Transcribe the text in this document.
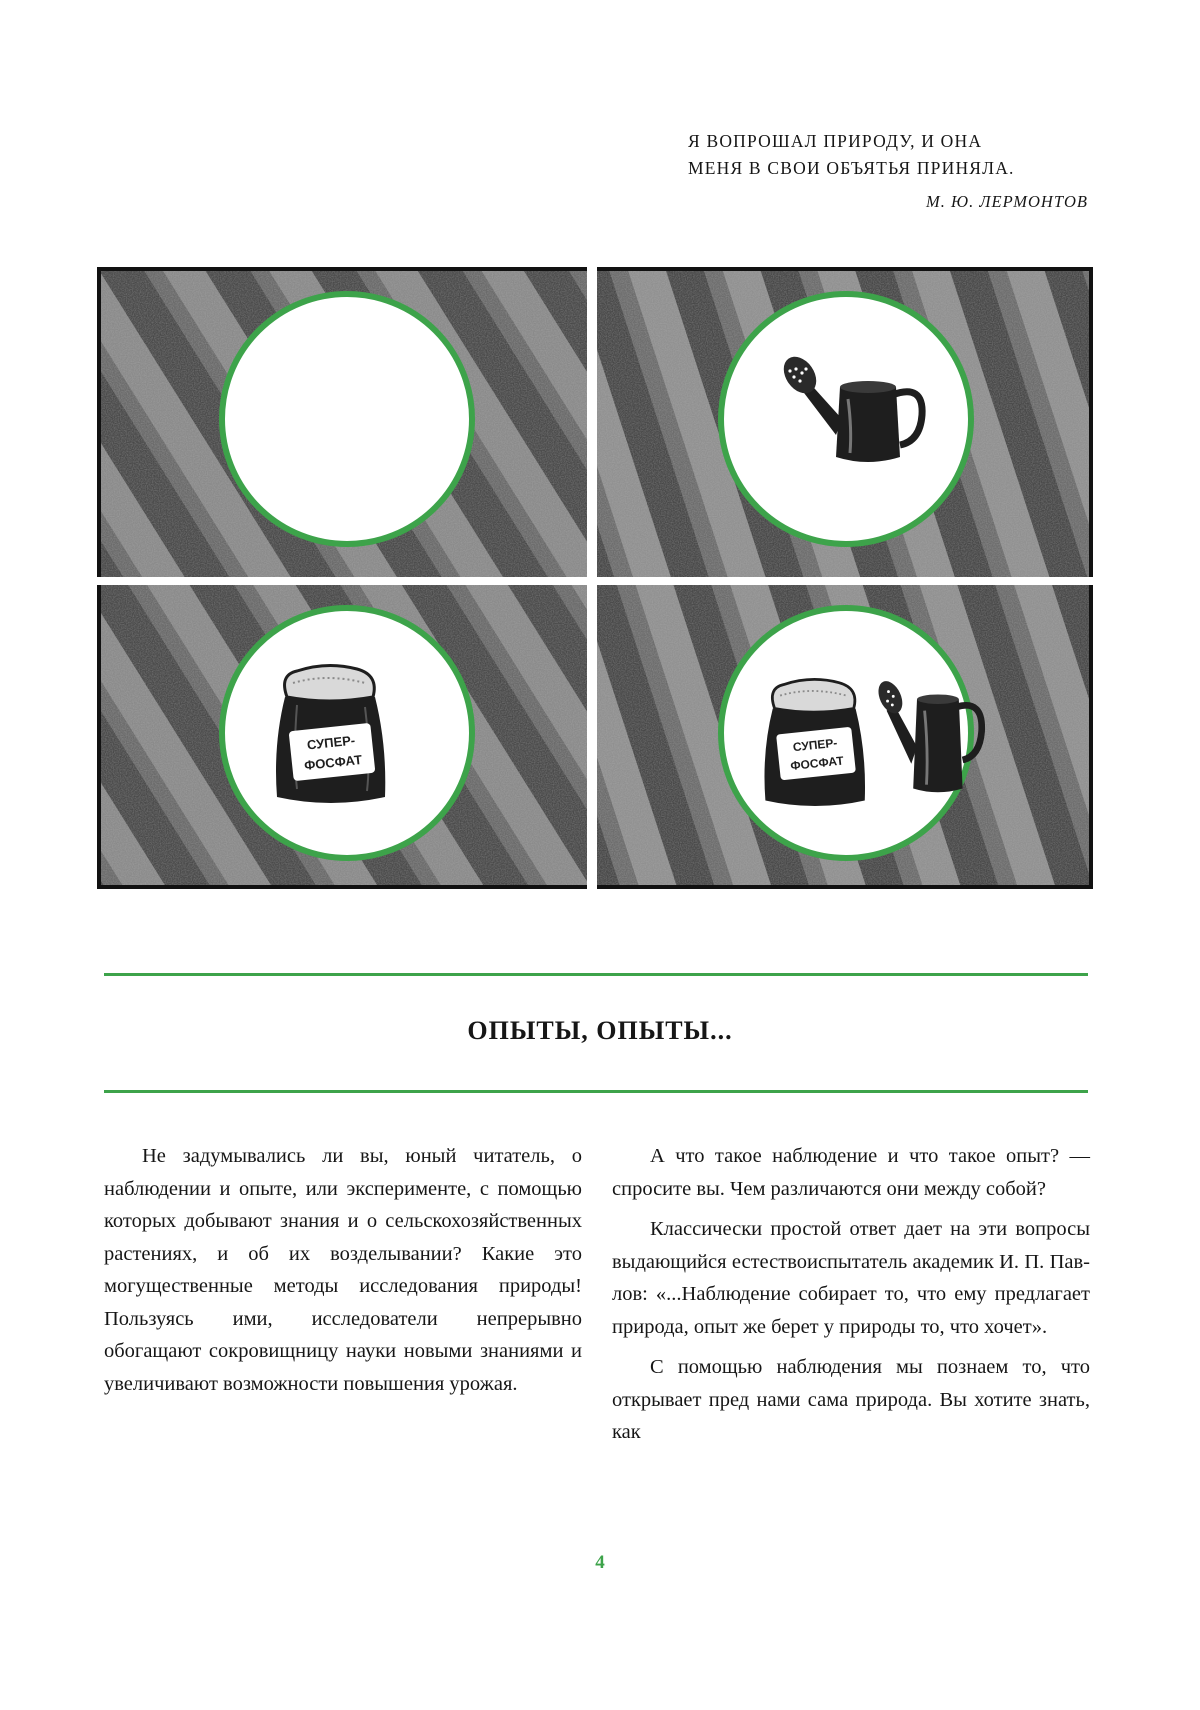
Я ВОПРОШАЛ ПРИРОДУ, И ОНА
МЕНЯ В СВОИ ОБЪЯТЬЯ ПРИНЯЛА.
М. Ю. ЛЕРМОНТОВ
СУПЕР-
ФОСФАТ
СУПЕР-
ФОСФАТ
ОПЫТЫ, ОПЫТЫ...

Не задумывались ли вы, юный читатель, о наблюдении и опыте, или эксперименте, с помощью которых добывают знания и о сельскохозяйственных растениях, и об их возделывании? Какие это могущественные методы исследования природы! Пользуясь ими, исследователи непрерывно обогащают сокровищницу науки новыми знаниями и увеличивают возможности повышения урожая.

А что такое наблюдение и что такое опыт? — спросите вы. Чем различаются они между собой?

Классически простой ответ дает на эти вопросы выдающийся естествоиспытатель академик И. П. Павлов: «...Наблюдение собирает то, что ему предлагает природа, опыт же берет у природы то, что хочет».

С помощью наблюдения мы познаем то, что открывает пред нами сама природа. Вы хотите знать, как

4
